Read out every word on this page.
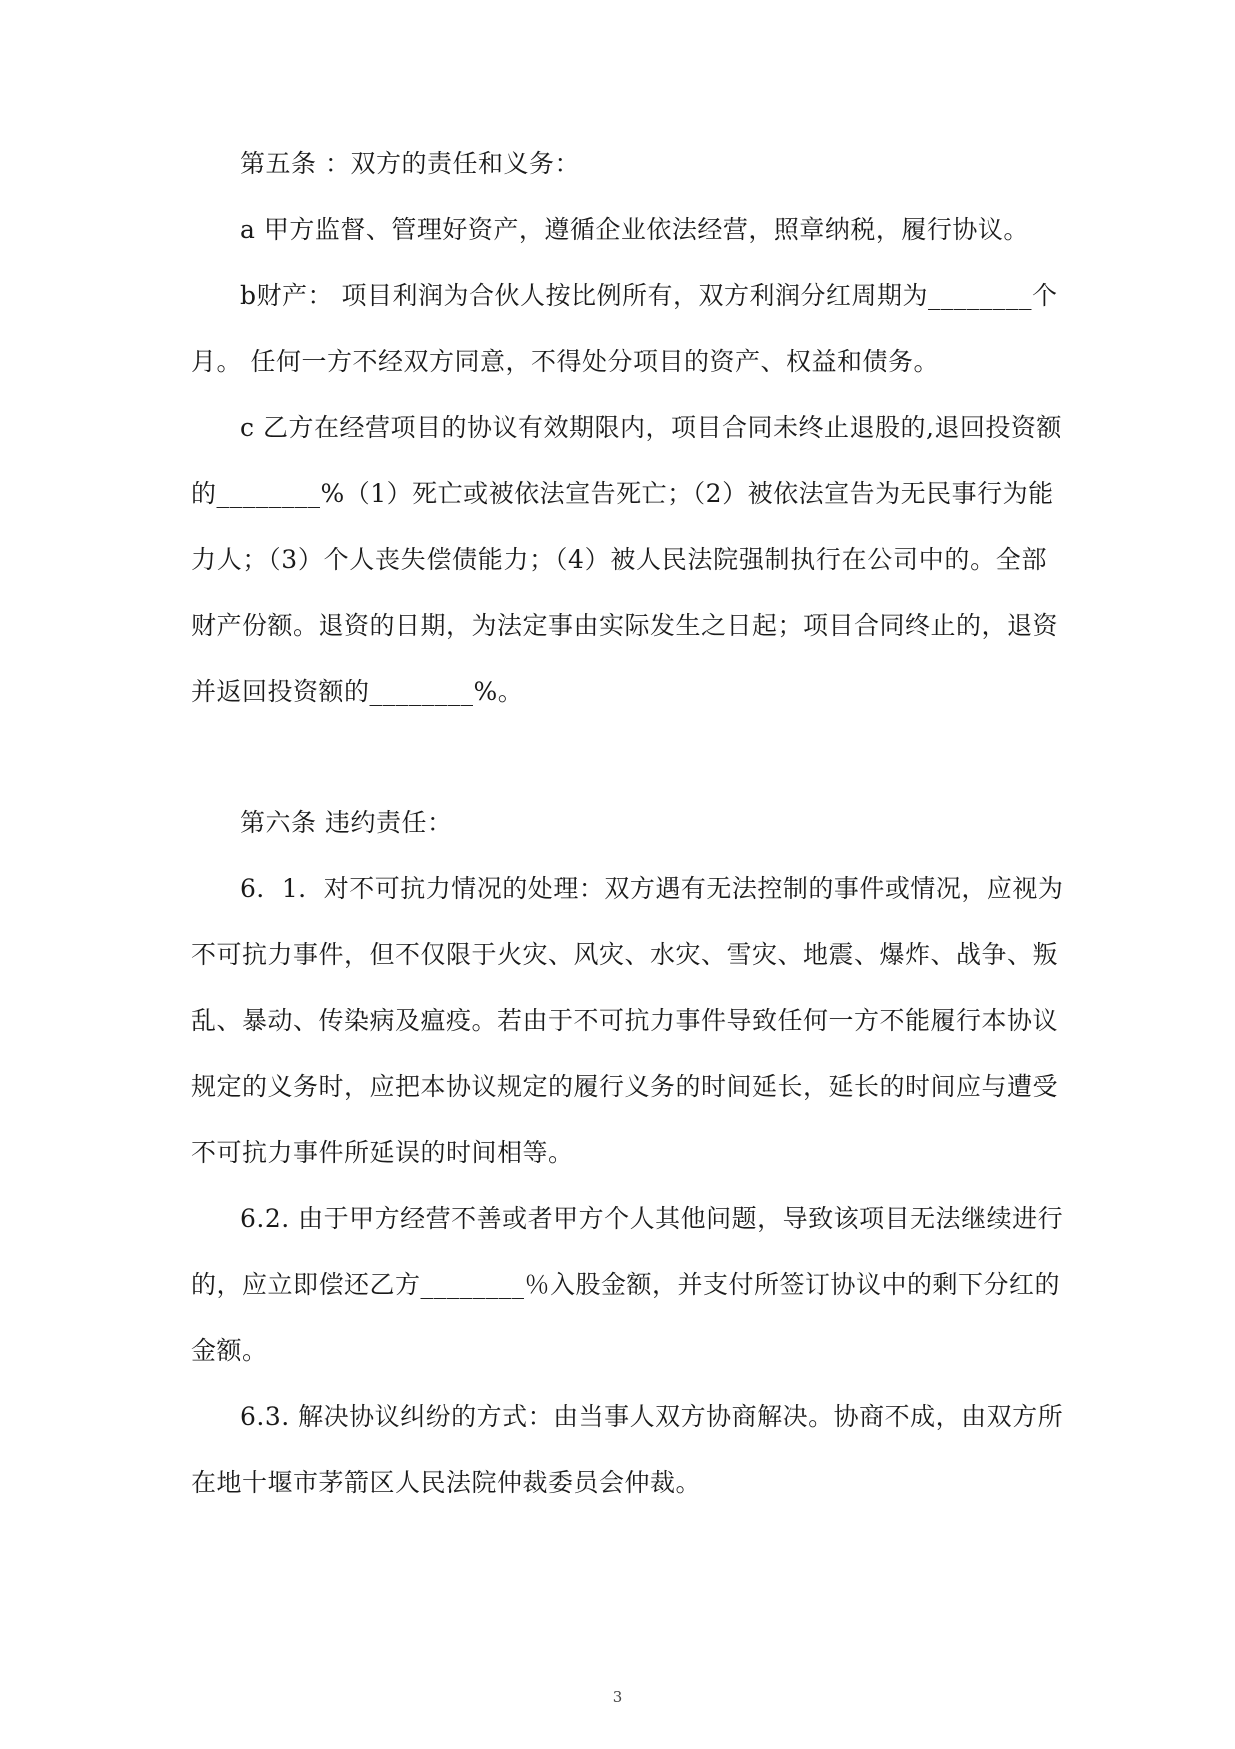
第五条 ：双方的责任和义务：
a 甲方监督、管理好资产，遵循企业依法经营，照章纳税，履行协议。
b财产： 项目利润为合伙人按比例所有，双方利润分红周期为________个
月。 任何一方不经双方同意，不得处分项目的资产、权益和债务。
c 乙方在经营项目的协议有效期限内，项目合同未终止退股的,退回投资额
的________%（1）死亡或被依法宣告死亡；（2）被依法宣告为无民事行为能
力人；（3）个人丧失偿债能力；（4）被人民法院强制执行在公司中的。全部
财产份额。退资的日期，为法定事由实际发生之日起；项目合同终止的，退资
并返回投资额的________%。
第六条 违约责任：
6．1．对不可抗力情况的处理：双方遇有无法控制的事件或情况，应视为
不可抗力事件，但不仅限于火灾、风灾、水灾、雪灾、地震、爆炸、战争、叛
乱、暴动、传染病及瘟疫。若由于不可抗力事件导致任何一方不能履行本协议
规定的义务时，应把本协议规定的履行义务的时间延长，延长的时间应与遭受
不可抗力事件所延误的时间相等。
6.2. 由于甲方经营不善或者甲方个人其他问题，导致该项目无法继续进行
的，应立即偿还乙方________％入股金额，并支付所签订协议中的剩下分红的
金额。
6.3. 解决协议纠纷的方式：由当事人双方协商解决。协商不成，由双方所
在地十堰市茅箭区人民法院仲裁委员会仲裁。
3
